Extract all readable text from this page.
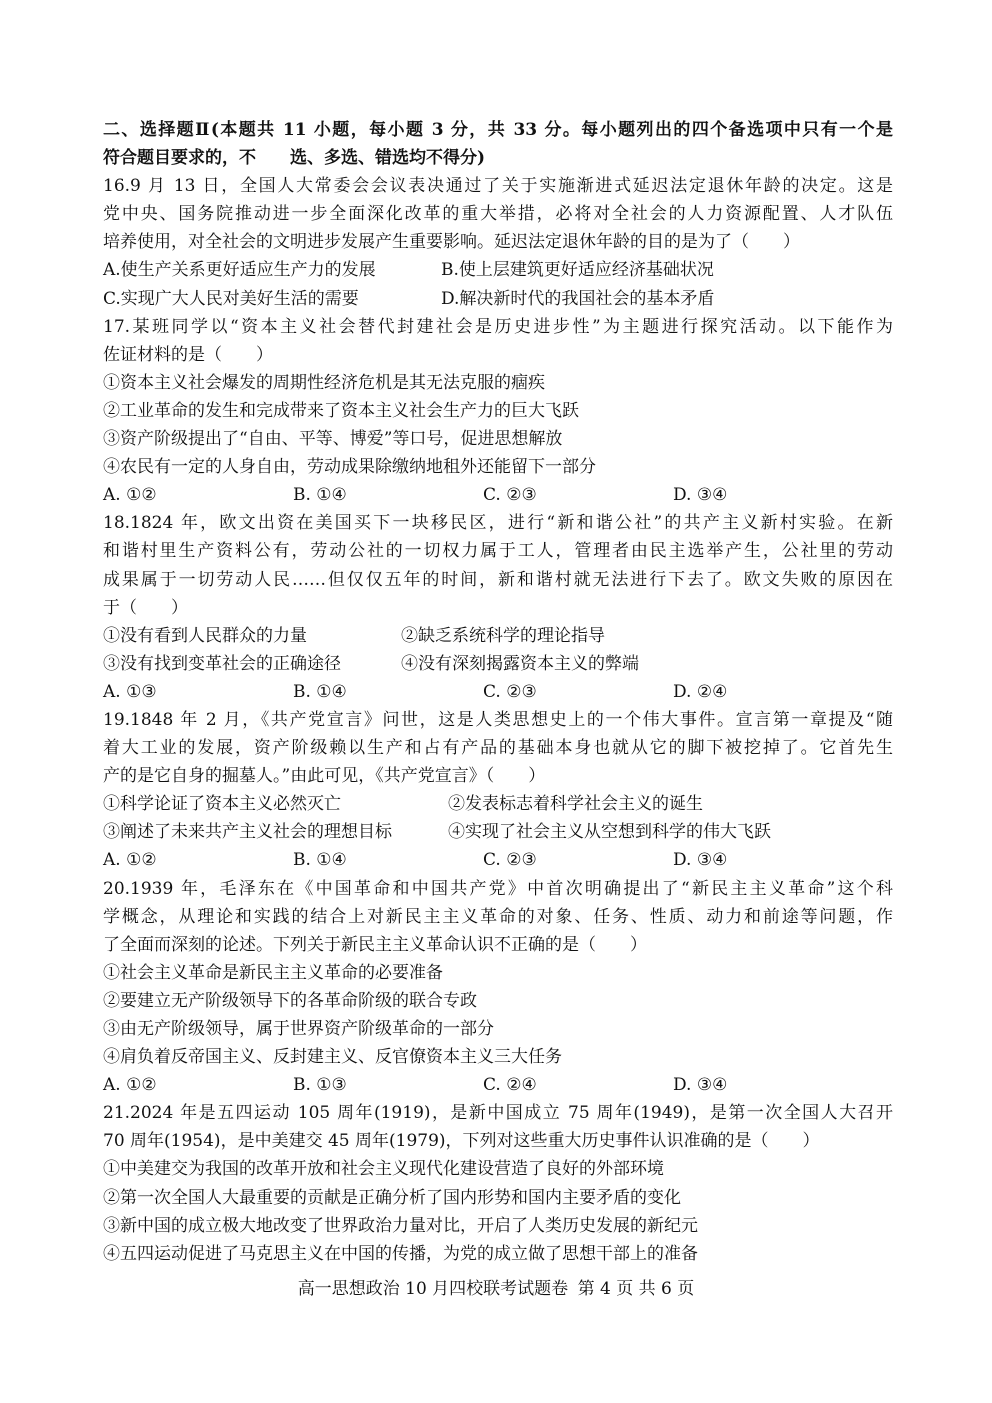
二、选择题Ⅱ(本题共 11 小题，每小题 3 分，共 33 分。每小题列出的四个备选项中只有一个是
符合题目要求的，不　　选、多选、错选均不得分)
16.9 月 13 日，全国人大常委会会议表决通过了关于实施渐进式延迟法定退休年龄的决定。这是
党中央、国务院推动进一步全面深化改革的重大举措，必将对全社会的人力资源配置、人才队伍
培养使用，对全社会的文明进步发展产生重要影响。延迟法定退休年龄的目的是为了（　　）
A.使生产关系更好适应生产力的发展	B.使上层建筑更好适应经济基础状况
C.实现广大人民对美好生活的需要	D.解决新时代的我国社会的基本矛盾
17.某班同学以“资本主义社会替代封建社会是历史进步性”为主题进行探究活动。以下能作为
佐证材料的是（　　）
①资本主义社会爆发的周期性经济危机是其无法克服的痼疾
②工业革命的发生和完成带来了资本主义社会生产力的巨大飞跃
③资产阶级提出了“自由、平等、博爱”等口号，促进思想解放
④农民有一定的人身自由，劳动成果除缴纳地租外还能留下一部分
A. ①②	B. ①④	C. ②③	D. ③④
18.1824 年，欧文出资在美国买下一块移民区，进行“新和谐公社”的共产主义新村实验。在新
和谐村里生产资料公有，劳动公社的一切权力属于工人，管理者由民主选举产生，公社里的劳动
成果属于一切劳动人民……但仅仅五年的时间，新和谐村就无法进行下去了。欧文失败的原因在
于（　　）
①没有看到人民群众的力量	②缺乏系统科学的理论指导
③没有找到变革社会的正确途径	④没有深刻揭露资本主义的弊端
A. ①③	B. ①④	C. ②③	D. ②④
19.1848 年 2 月，《共产党宣言》问世，这是人类思想史上的一个伟大事件。宣言第一章提及“随
着大工业的发展，资产阶级赖以生产和占有产品的基础本身也就从它的脚下被挖掉了。它首先生
产的是它自身的掘墓人。”由此可见，《共产党宣言》（　　）
①科学论证了资本主义必然灭亡	②发表标志着科学社会主义的诞生
③阐述了未来共产主义社会的理想目标	④实现了社会主义从空想到科学的伟大飞跃
A. ①②	B. ①④	C. ②③	D. ③④
20.1939 年，毛泽东在《中国革命和中国共产党》中首次明确提出了“新民主主义革命”这个科
学概念，从理论和实践的结合上对新民主主义革命的对象、任务、性质、动力和前途等问题，作
了全面而深刻的论述。下列关于新民主主义革命认识不正确的是（　　）
①社会主义革命是新民主主义革命的必要准备
②要建立无产阶级领导下的各革命阶级的联合专政
③由无产阶级领导，属于世界资产阶级革命的一部分
④肩负着反帝国主义、反封建主义、反官僚资本主义三大任务
A. ①②	B. ①③	C. ②④	D. ③④
21.2024 年是五四运动 105 周年(1919)，是新中国成立 75 周年(1949)，是第一次全国人大召开
70 周年(1954)，是中美建交 45 周年(1979)，下列对这些重大历史事件认识准确的是（　　）
①中美建交为我国的改革开放和社会主义现代化建设营造了良好的外部环境
②第一次全国人大最重要的贡献是正确分析了国内形势和国内主要矛盾的变化
③新中国的成立极大地改变了世界政治力量对比，开启了人类历史发展的新纪元
④五四运动促进了马克思主义在中国的传播，为党的成立做了思想干部上的准备
高一思想政治 10 月四校联考试题卷 第 4 页 共 6 页
